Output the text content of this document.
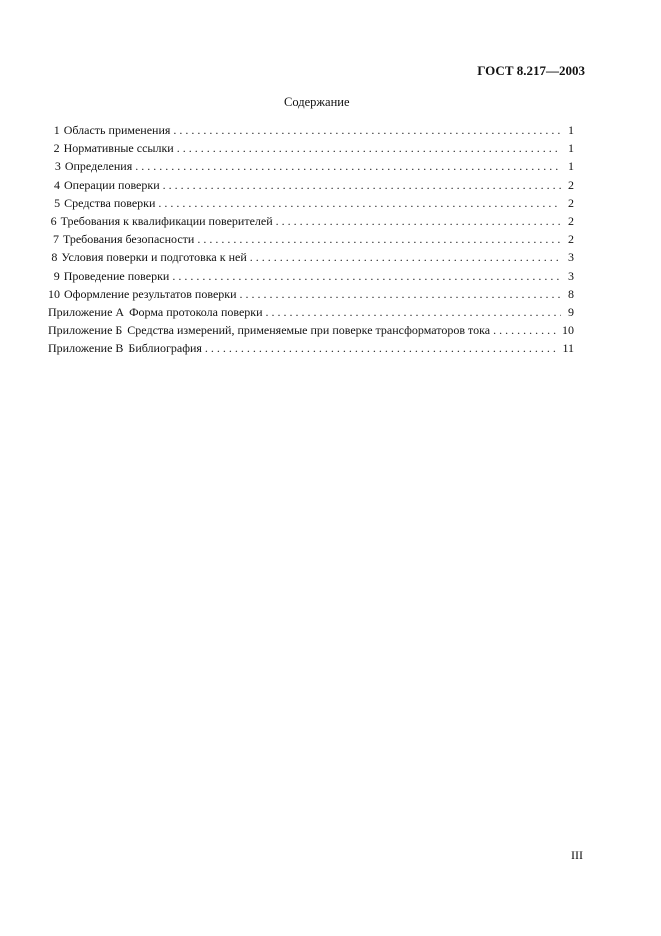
ГОСТ 8.217—2003
Содержание
1 Область применения . . .	1
2 Нормативные ссылки . . .	1
3 Определения . . .	1
4 Операции поверки . . .	2
5 Средства поверки . . .	2
6 Требования к квалификации поверителей . . .	2
7 Требования безопасности . . .	2
8 Условия поверки и подготовка к ней . . .	3
9 Проведение поверки . . .	3
10 Оформление результатов поверки . . .	8
Приложение А Форма протокола поверки . . .	9
Приложение Б Средства измерений, применяемые при поверке трансформаторов тока . . .	10
Приложение В Библиография . . .	11
III
